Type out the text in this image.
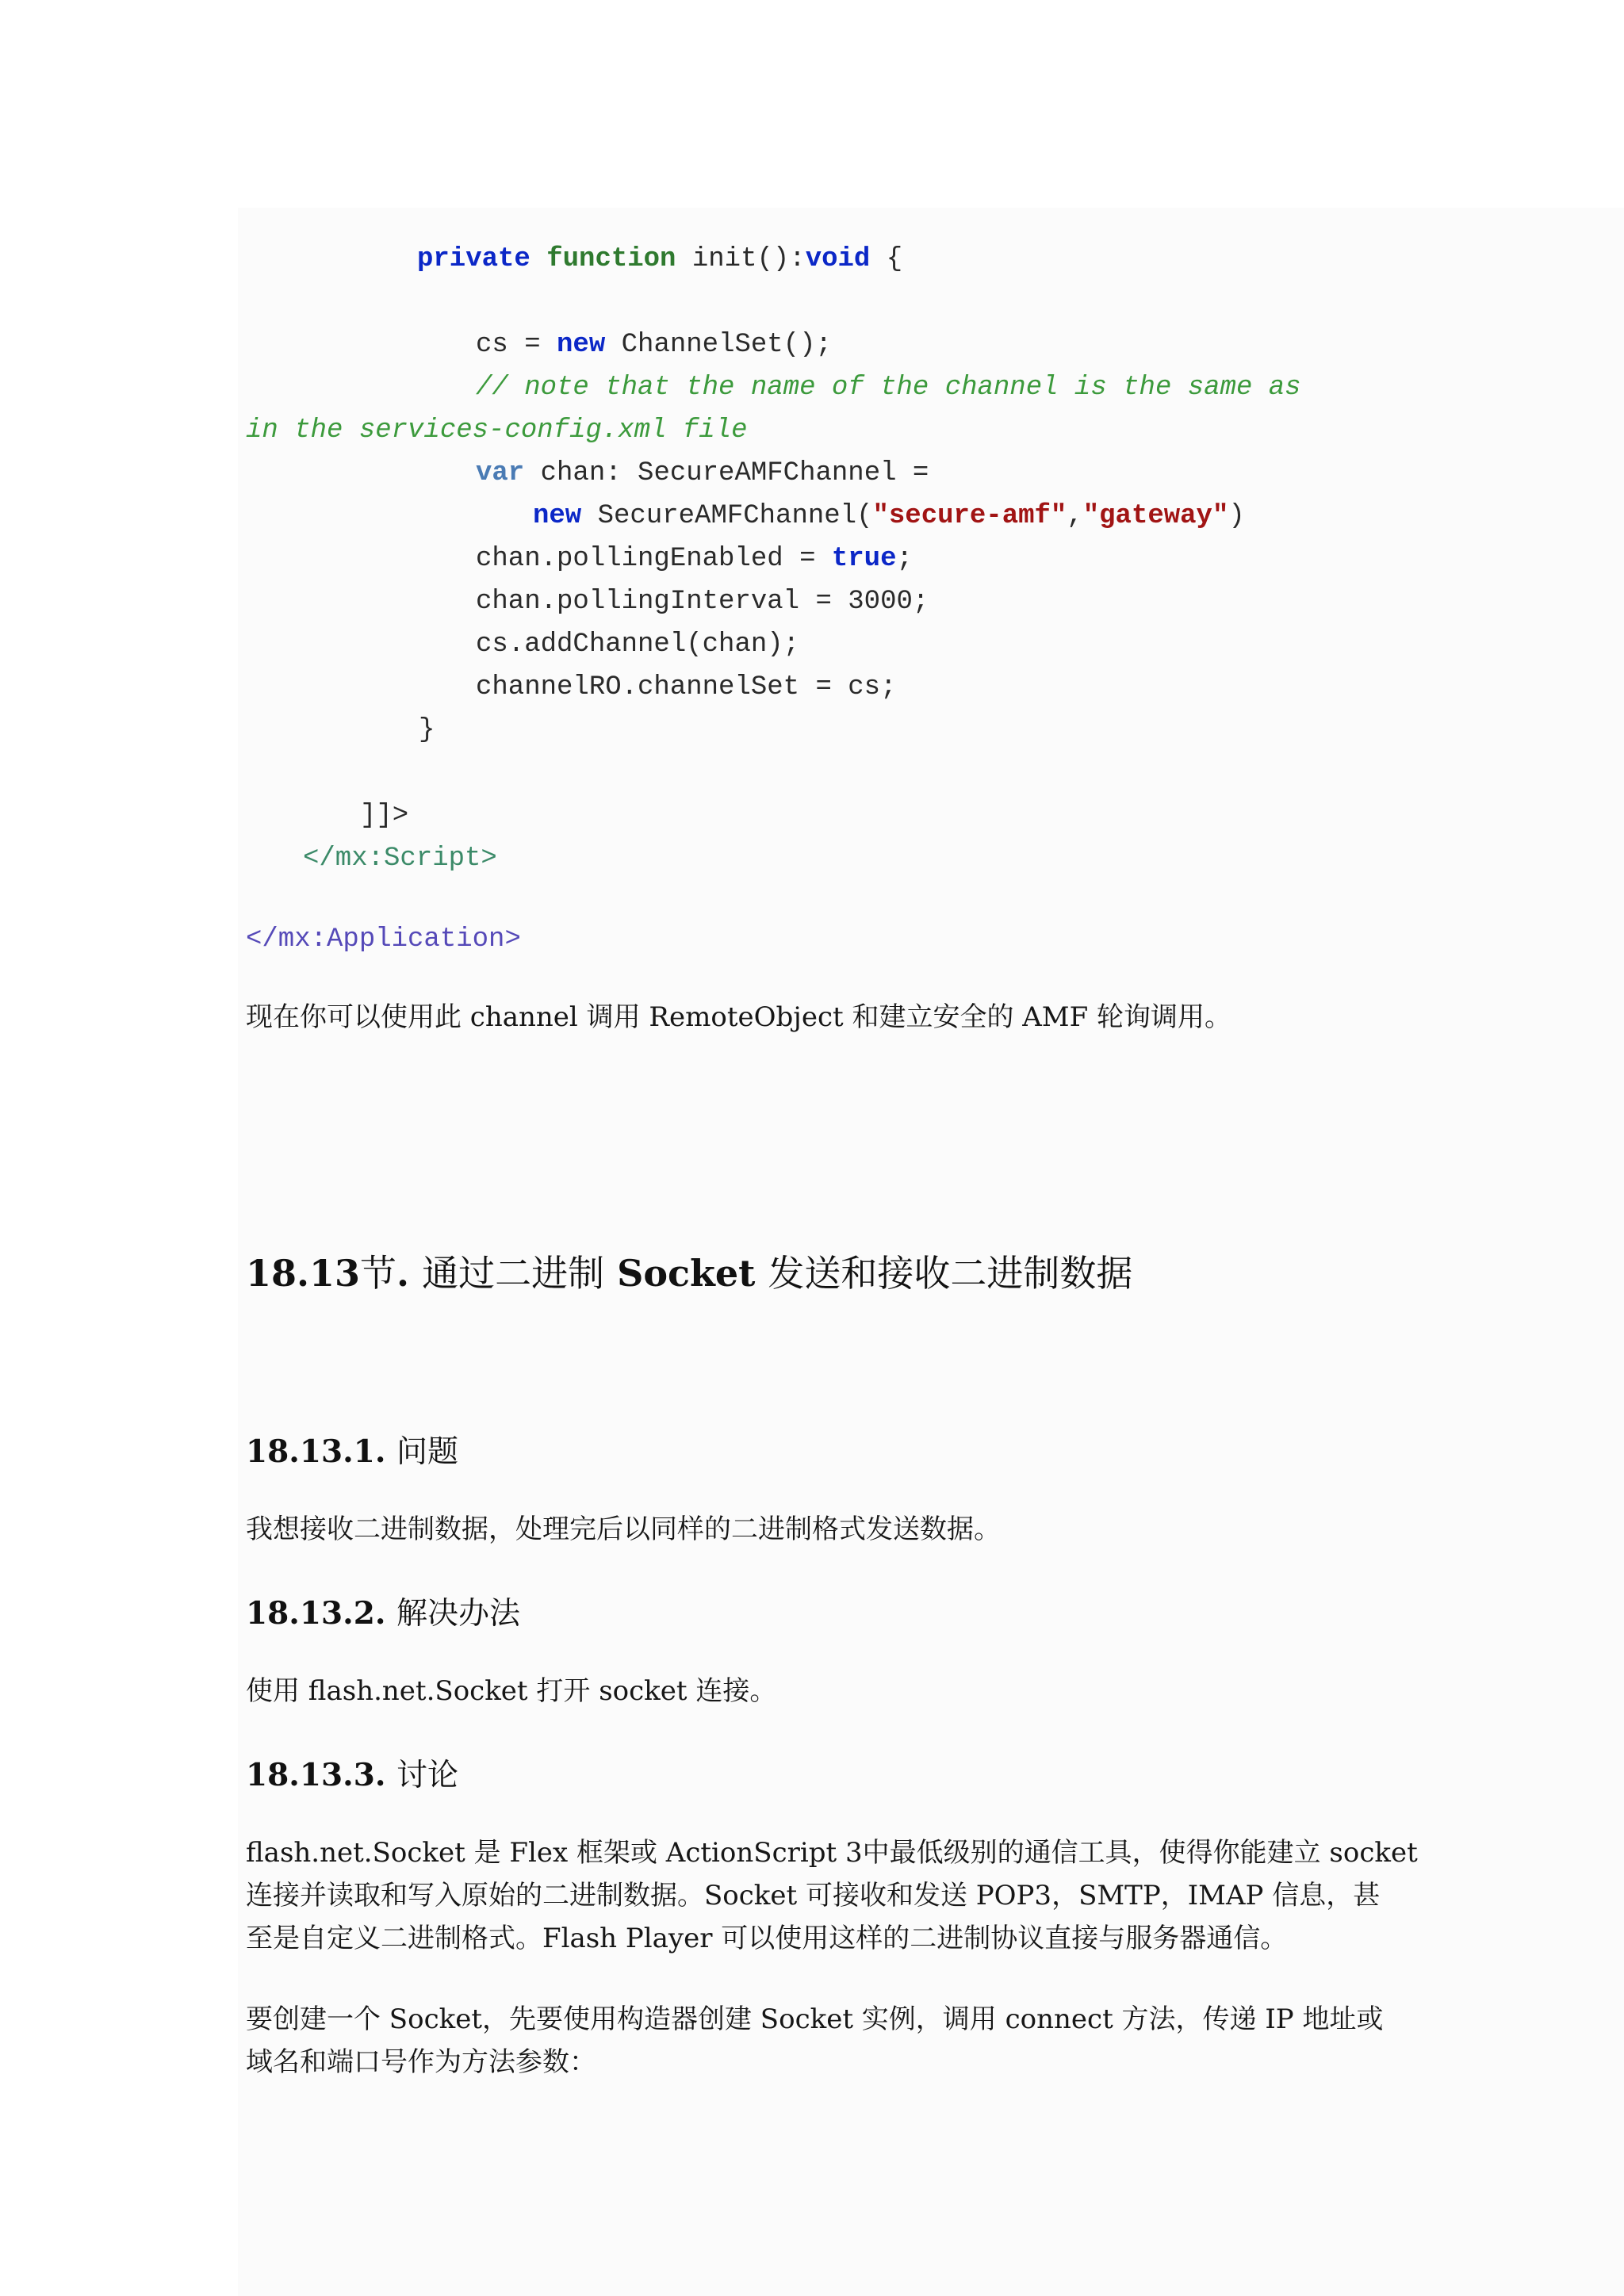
private function init():void {
cs = new ChannelSet();
// note that the name of the channel is the same as
in the services-config.xml file
var chan: SecureAMFChannel =
new SecureAMFChannel("secure-amf","gateway")
chan.pollingEnabled = true;
chan.pollingInterval = 3000;
cs.addChannel(chan);
channelRO.channelSet = cs;
}
]]>
</mx:Script>
</mx:Application>
现在你可以使用此 channel 调用 RemoteObject 和建立安全的 AMF 轮询调用。
18.13节. 通过二进制 Socket 发送和接收二进制数据
18.13.1. 问题
我想接收二进制数据，处理完后以同样的二进制格式发送数据。
18.13.2. 解决办法
使用 flash.net.Socket 打开 socket 连接。
18.13.3. 讨论
flash.net.Socket 是 Flex 框架或 ActionScript 3中最低级别的通信工具，使得你能建立 socket
连接并读取和写入原始的二进制数据。Socket 可接收和发送 POP3，SMTP，IMAP 信息，甚
至是自定义二进制格式。Flash Player 可以使用这样的二进制协议直接与服务器通信。
要创建一个 Socket，先要使用构造器创建 Socket 实例，调用 connect 方法，传递 IP 地址或
域名和端口号作为方法参数：
